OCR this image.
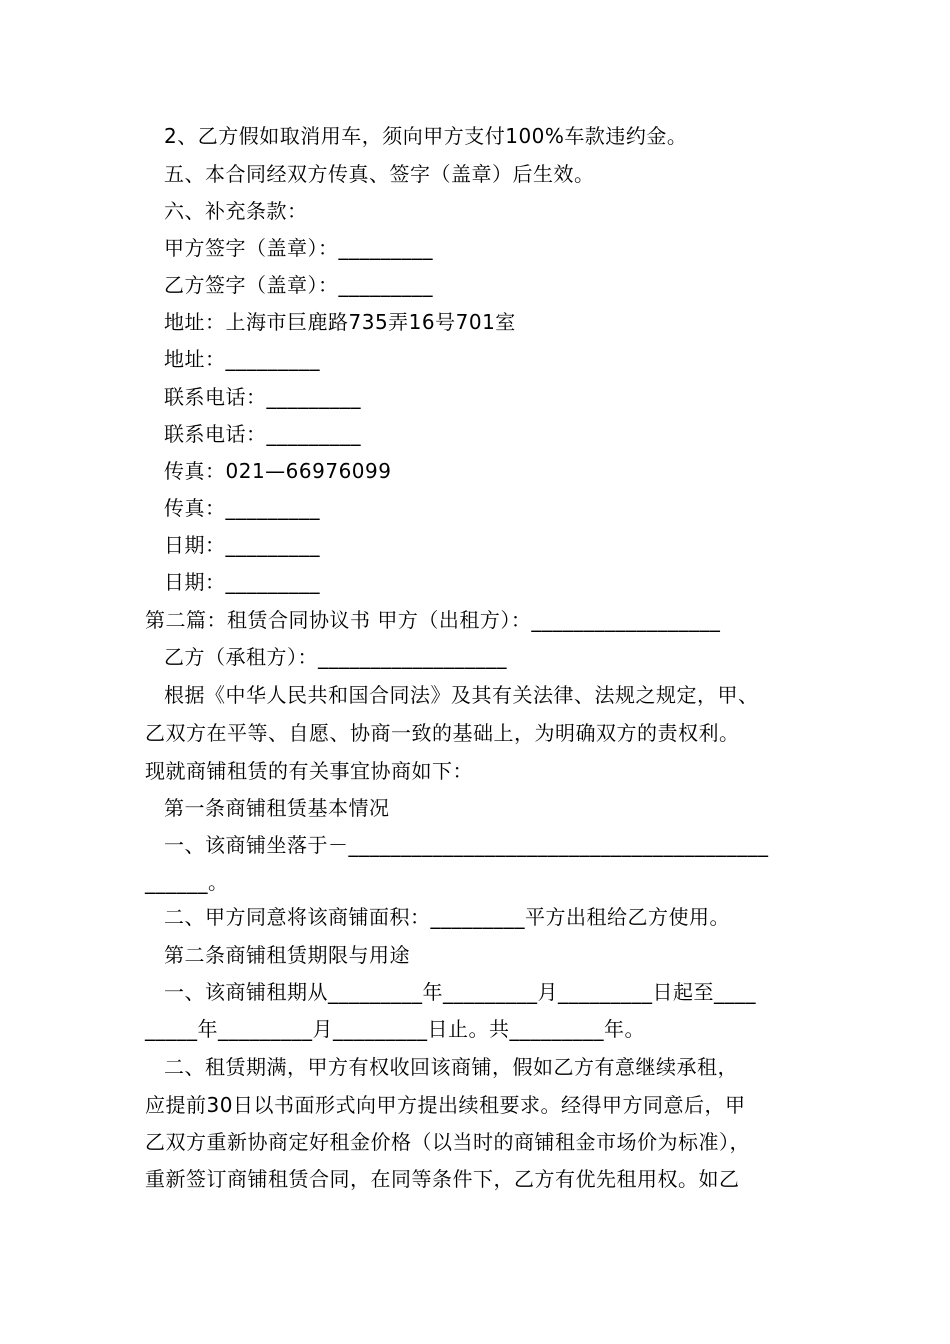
2、乙方假如取消用车，须向甲方支付100%车款违约金。
五、本合同经双方传真、签字（盖章）后生效。
六、补充条款：
甲方签字（盖章）：_________
乙方签字（盖章）：_________
地址：上海市巨鹿路735弄16号701室
地址：_________
联系电话：_________
联系电话：_________
传真：021—66976099
传真：_________
日期：_________
日期：_________
第二篇：租赁合同协议书 甲方（出租方）：__________________
乙方（承租方）：__________________
根据《中华人民共和国合同法》及其有关法律、法规之规定，甲、
乙双方在平等、自愿、协商一致的基础上，为明确双方的责权利。
现就商铺租赁的有关事宜协商如下：
第一条商铺租赁基本情况
一、该商铺坐落于－________________________________________
______。
二、甲方同意将该商铺面积：_________平方出租给乙方使用。
第二条商铺租赁期限与用途
一、该商铺租期从_________年_________月_________日起至____
_____年_________月_________日止。共_________年。
二、租赁期满，甲方有权收回该商铺，假如乙方有意继续承租，
应提前30日以书面形式向甲方提出续租要求。经得甲方同意后，甲
乙双方重新协商定好租金价格（以当时的商铺租金市场价为标准），
重新签订商铺租赁合同，在同等条件下，乙方有优先租用权。如乙
